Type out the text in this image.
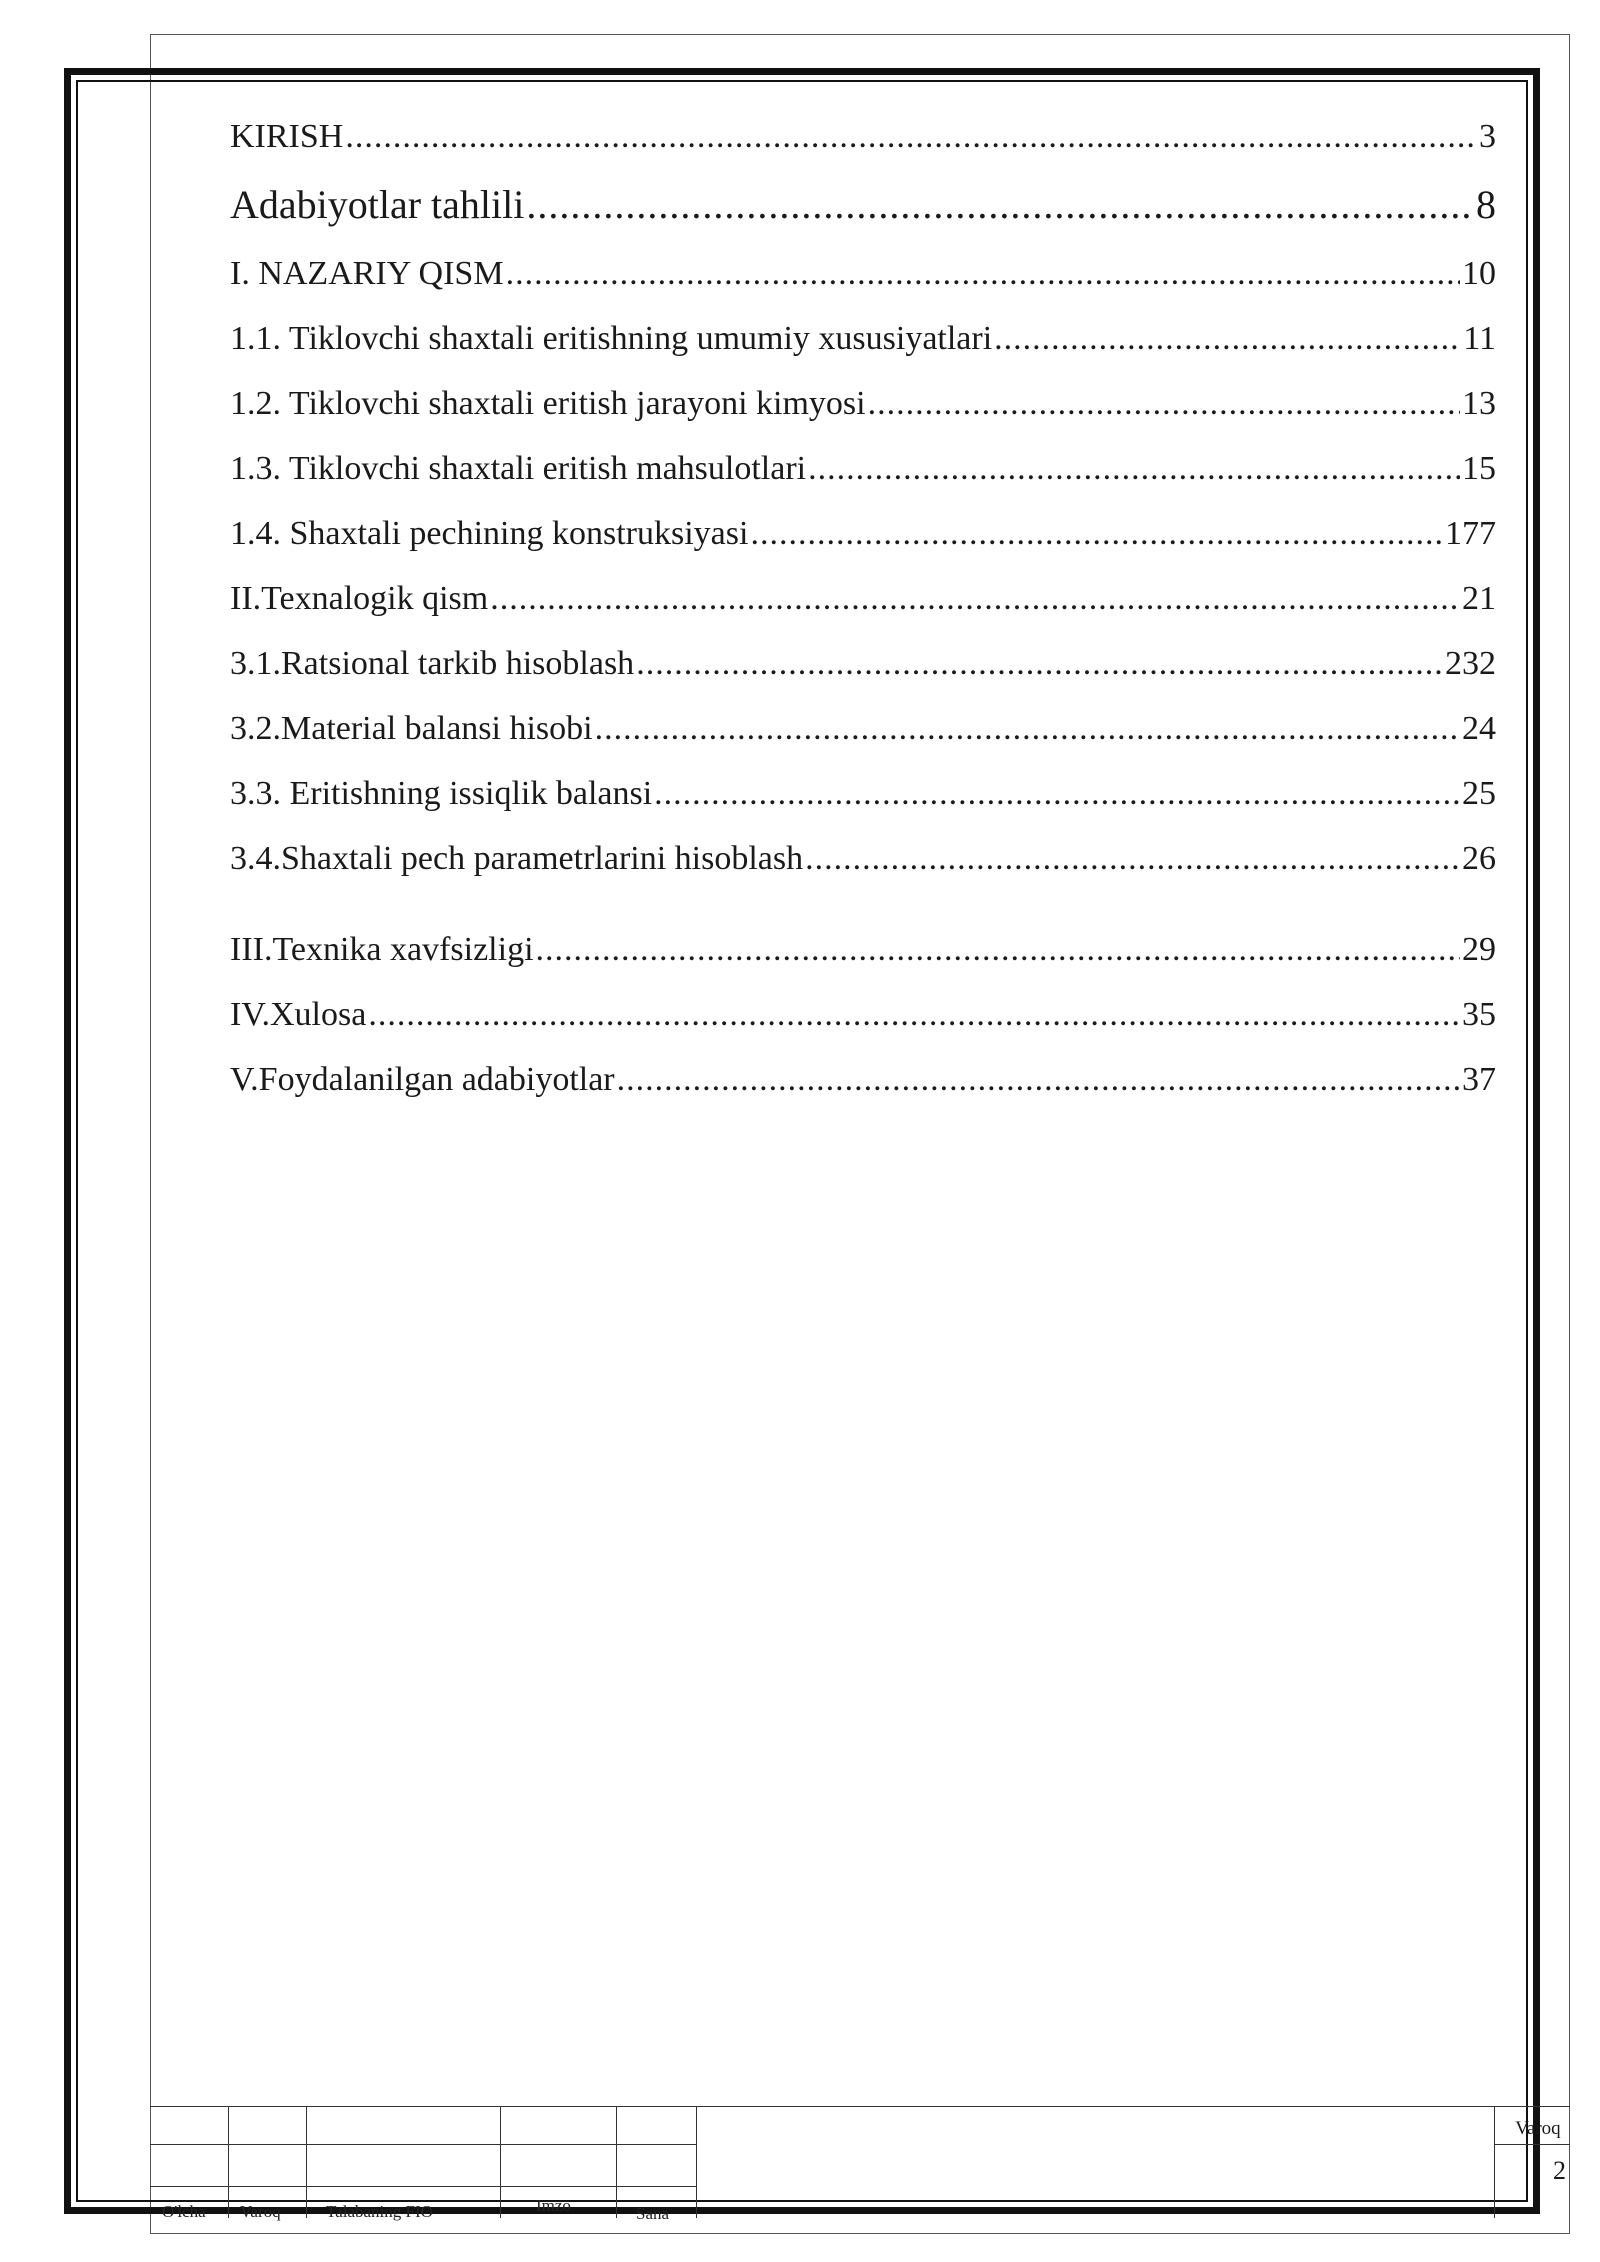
KIRISH .....	3
Adabiyotlar tahlili .....	8
I. NAZARIY QISM .....	10
1.1. Tiklovchi shaxtali eritishning umumiy xususiyatlari .....	11
1.2. Tiklovchi shaxtali eritish jarayoni kimyosi .....	13
1.3. Tiklovchi shaxtali eritish mahsulotlari .....	15
1.4. Shaxtali pechining konstruksiyasi .....	177
II.Texnalogik qism .....	21
3.1.Ratsional tarkib hisoblash .....	232
3.2.Material balansi hisobi .....	24
3.3. Eritishning issiqlik balansi .....	25
3.4.Shaxtali pech parametrlarini hisoblash .....	26
III.Texnika xavfsizligi .....	29
IV.Xulosa .....	35
V.Foydalanilgan adabiyotlar .....	37
O'lcha Varoq	Talabaning FIO	Imzo	Sana
Varoq
2
